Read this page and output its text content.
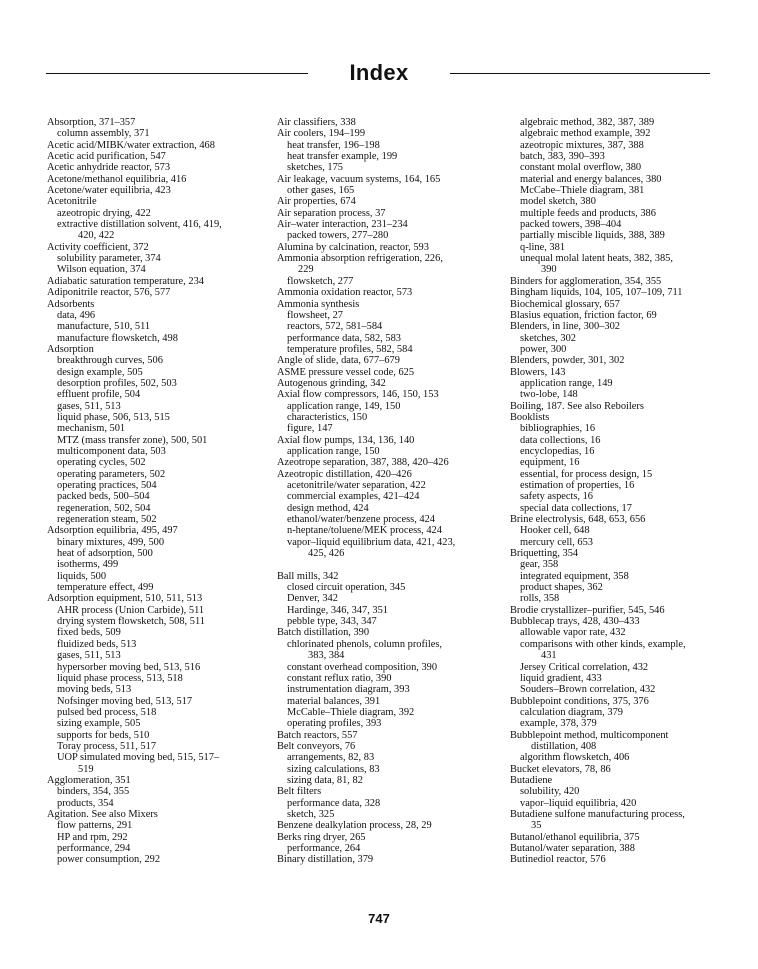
Index
Absorption, 371–357
column assembly, 371
Acetic acid/MIBK/water extraction, 468
Acetic acid purification, 547
Acetic anhydride reactor, 573
Acetone/methanol equilibria, 416
Acetone/water equilibria, 423
Acetonitrile
azeotropic drying, 422
extractive distillation solvent, 416, 419,
420, 422
Activity coefficient, 372
solubility parameter, 374
Wilson equation, 374
Adiabatic saturation temperature, 234
Adiponitrile reactor, 576, 577
Adsorbents
data, 496
manufacture, 510, 511
manufacture flowsketch, 498
Adsorption
breakthrough curves, 506
design example, 505
desorption profiles, 502, 503
effluent profile, 504
gases, 511, 513
liquid phase, 506, 513, 515
mechanism, 501
MTZ (mass transfer zone), 500, 501
multicomponent data, 503
operating cycles, 502
operating parameters, 502
operating practices, 504
packed beds, 500–504
regeneration, 502, 504
regeneration steam, 502
Adsorption equilibria, 495, 497
binary mixtures, 499, 500
heat of adsorption, 500
isotherms, 499
liquids, 500
temperature effect, 499
Adsorption equipment, 510, 511, 513
AHR process (Union Carbide), 511
drying system flowsketch, 508, 511
fixed beds, 509
fluidized beds, 513
gases, 511, 513
hypersorber moving bed, 513, 516
liquid phase process, 513, 518
moving beds, 513
Nofsinger moving bed, 513, 517
pulsed bed process, 518
sizing example, 505
supports for beds, 510
Toray process, 511, 517
UOP simulated moving bed, 515, 517–
519
Agglomeration, 351
binders, 354, 355
products, 354
Agitation. See also Mixers
flow patterns, 291
HP and rpm, 292
performance, 294
power consumption, 292
Air classifiers, 338
Air coolers, 194–199
heat transfer, 196–198
heat transfer example, 199
sketches, 175
Air leakage, vacuum systems, 164, 165
other gases, 165
Air properties, 674
Air separation process, 37
Air–water interaction, 231–234
packed towers, 277–280
Alumina by calcination, reactor, 593
Ammonia absorption refrigeration, 226,
229
flowsketch, 277
Ammonia oxidation reactor, 573
Ammonia synthesis
flowsheet, 27
reactors, 572, 581–584
performance data, 582, 583
temperature profiles, 582, 584
Angle of slide, data, 677–679
ASME pressure vessel code, 625
Autogenous grinding, 342
Axial flow compressors, 146, 150, 153
application range, 149, 150
characteristics, 150
figure, 147
Axial flow pumps, 134, 136, 140
application range, 150
Azeotrope separation, 387, 388, 420–426
Azeotropic distillation, 420–426
acetonitrile/water separation, 422
commercial examples, 421–424
design method, 424
ethanol/water/benzene process, 424
n-heptane/toluene/MEK process, 424
vapor–liquid equilibrium data, 421, 423,
425, 426
Ball mills, 342
closed circuit operation, 345
Denver, 342
Hardinge, 346, 347, 351
pebble type, 343, 347
Batch distillation, 390
chlorinated phenols, column profiles,
383, 384
constant overhead composition, 390
constant reflux ratio, 390
instrumentation diagram, 393
material balances, 391
McCable–Thiele diagram, 392
operating profiles, 393
Batch reactors, 557
Belt conveyors, 76
arrangements, 82, 83
sizing calculations, 83
sizing data, 81, 82
Belt filters
performance data, 328
sketch, 325
Benzene dealkylation process, 28, 29
Berks ring dryer, 265
performance, 264
Binary distillation, 379
algebraic method, 382, 387, 389
algebraic method example, 392
azeotropic mixtures, 387, 388
batch, 383, 390–393
constant molal overflow, 380
material and energy balances, 380
McCabe–Thiele diagram, 381
model sketch, 380
multiple feeds and products, 386
packed towers, 398–404
partially miscible liquids, 388, 389
q-line, 381
unequal molal latent heats, 382, 385,
390
Binders for agglomeration, 354, 355
Bingham liquids, 104, 105, 107–109, 711
Biochemical glossary, 657
Blasius equation, friction factor, 69
Blenders, in line, 300–302
sketches, 302
power, 300
Blenders, powder, 301, 302
Blowers, 143
application range, 149
two-lobe, 148
Boiling, 187. See also Reboilers
Booklists
bibliographies, 16
data collections, 16
encyclopedias, 16
equipment, 16
essential, for process design, 15
estimation of properties, 16
safety aspects, 16
special data collections, 17
Brine electrolysis, 648, 653, 656
Hooker cell, 648
mercury cell, 653
Briquetting, 354
gear, 358
integrated equipment, 358
product shapes, 362
rolls, 358
Brodie crystallizer–purifier, 545, 546
Bubblecap trays, 428, 430–433
allowable vapor rate, 432
comparisons with other kinds, example,
431
Jersey Critical correlation, 432
liquid gradient, 433
Souders–Brown correlation, 432
Bubblepoint conditions, 375, 376
calculation diagram, 379
example, 378, 379
Bubblepoint method, multicomponent
distillation, 408
algorithm flowsketch, 406
Bucket elevators, 78, 86
Butadiene
solubility, 420
vapor–liquid equilibria, 420
Butadiene sulfone manufacturing process,
35
Butanol/ethanol equilibria, 375
Butanol/water separation, 388
Butinediol reactor, 576
747
